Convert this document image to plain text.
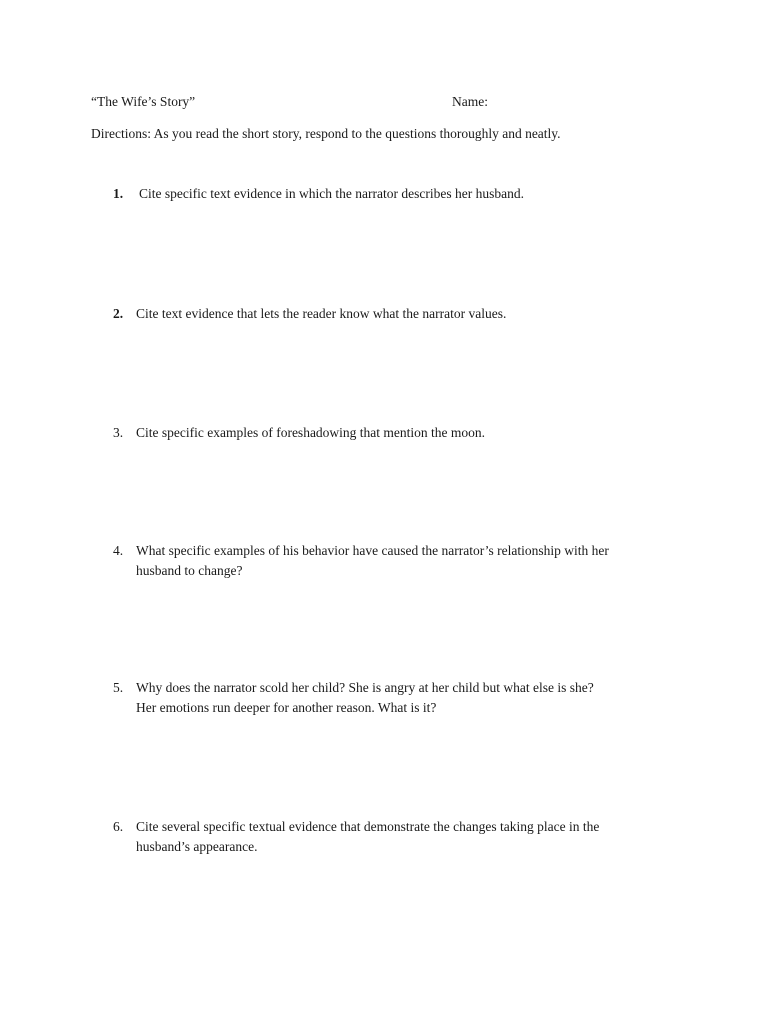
“The Wife’s Story”	Name:
Directions: As you read the short story, respond to the questions thoroughly and neatly.
1. Cite specific text evidence in which the narrator describes her husband.
2. Cite text evidence that lets the reader know what the narrator values.
3. Cite specific examples of foreshadowing that mention the moon.
4. What specific examples of his behavior have caused the narrator’s relationship with her
husband to change?
5. Why does the narrator scold her child? She is angry at her child but what else is she?
Her emotions run deeper for another reason. What is it?
6. Cite several specific textual evidence that demonstrate the changes taking place in the
husband’s appearance.
